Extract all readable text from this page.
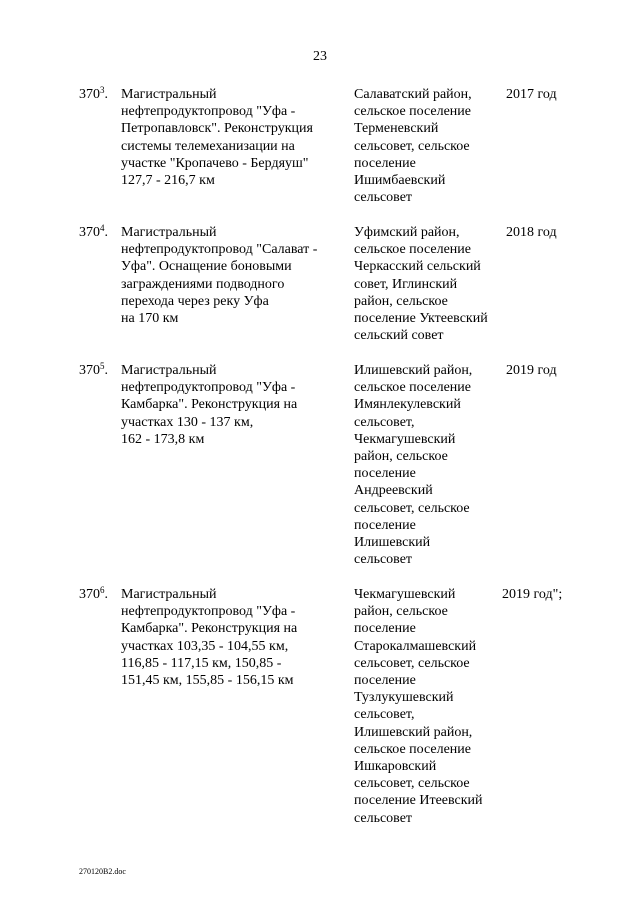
23
$370^3$. Магистральный
нефтепродуктопровод "Уфа -
Петропавловск". Реконструкция
системы телемеханизации на
участке "Кропачево - Бердяуш"
127,7 - 216,7 км
Салаватский район,
сельское поселение
Терменевский
сельсовет, сельское
поселение
Ишимбаевский
сельсовет
2017 год
$370^4$. Магистральный
нефтепродуктопровод "Салават -
Уфа". Оснащение боновыми
заграждениями подводного
перехода через реку Уфа
на 170 км
Уфимский район,
сельское поселение
Черкасский сельский
совет, Иглинский
район, сельское
поселение Уктеевский
сельский совет
2018 год
$370^5$. Магистральный
нефтепродуктопровод "Уфа -
Камбарка". Реконструкция на
участках 130 - 137 км,
162 - 173,8 км
Илишевский район,
сельское поселение
Имянлекулевский
сельсовет,
Чекмагушевский
район, сельское
поселение
Андреевский
сельсовет, сельское
поселение
Илишевский
сельсовет
2019 год
$370^6$. Магистральный
нефтепродуктопровод "Уфа -
Камбарка". Реконструкция на
участках 103,35 - 104,55 км,
116,85 - 117,15 км, 150,85 -
151,45 км, 155,85 - 156,15 км
Чекмагушевский
район, сельское
поселение
Старокалмашевский
сельсовет, сельское
поселение
Тузлукушевский
сельсовет,
Илишевский район,
сельское поселение
Ишкаровский
сельсовет, сельское
поселение Итеевский
сельсовет
2019 год";
270120B2.doc
